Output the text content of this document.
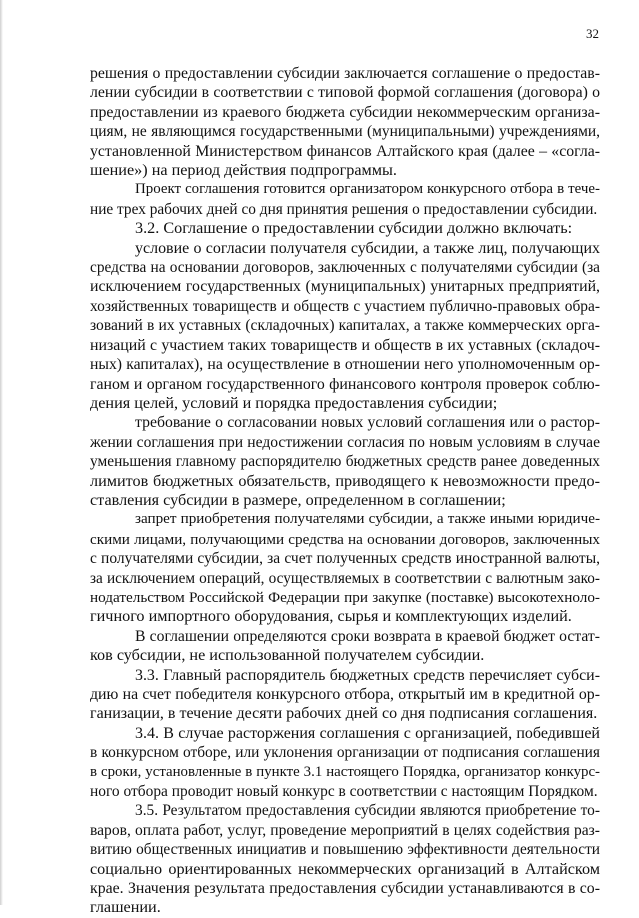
32
решения о предоставлении субсидии заключается соглашение о предостав-
лении субсидии в соответствии с типовой формой соглашения (договора) о
предоставлении из краевого бюджета субсидии некоммерческим организа-
циям, не являющимся государственными (муниципальными) учреждениями,
установленной Министерством финансов Алтайского края (далее – «согла-
шение») на период действия подпрограммы.
Проект соглашения готовится организатором конкурсного отбора в тече-
ние трех рабочих дней со дня принятия решения о предоставлении субсидии.
3.2. Соглашение о предоставлении субсидии должно включать:
условие о согласии получателя субсидии, а также лиц, получающих
средства на основании договоров, заключенных с получателями субсидии (за
исключением государственных (муниципальных) унитарных предприятий,
хозяйственных товариществ и обществ с участием публично-правовых обра-
зований в их уставных (складочных) капиталах, а также коммерческих орга-
низаций с участием таких товариществ и обществ в их уставных (складоч-
ных) капиталах), на осуществление в отношении него уполномоченным ор-
ганом и органом государственного финансового контроля проверок соблю-
дения целей, условий и порядка предоставления субсидии;
требование о согласовании новых условий соглашения или о растор-
жении соглашения при недостижении согласия по новым условиям в случае
уменьшения главному распорядителю бюджетных средств ранее доведенных
лимитов бюджетных обязательств, приводящего к невозможности предо-
ставления субсидии в размере, определенном в соглашении;
запрет приобретения получателями субсидии, а также иными юридиче-
скими лицами, получающими средства на основании договоров, заключенных
с получателями субсидии, за счет полученных средств иностранной валюты,
за исключением операций, осуществляемых в соответствии с валютным зако-
нодательством Российской Федерации при закупке (поставке) высокотехноло-
гичного импортного оборудования, сырья и комплектующих изделий.
В соглашении определяются сроки возврата в краевой бюджет остат-
ков субсидии, не использованной получателем субсидии.
3.3. Главный распорядитель бюджетных средств перечисляет субси-
дию на счет победителя конкурсного отбора, открытый им в кредитной ор-
ганизации, в течение десяти рабочих дней со дня подписания соглашения.
3.4. В случае расторжения соглашения с организацией, победившей
в конкурсном отборе, или уклонения организации от подписания соглашения
в сроки, установленные в пункте 3.1 настоящего Порядка, организатор конкурс-
ного отбора проводит новый конкурс в соответствии с настоящим Порядком.
3.5. Результатом предоставления субсидии являются приобретение то-
варов, оплата работ, услуг, проведение мероприятий в целях содействия раз-
витию общественных инициатив и повышению эффективности деятельности
социально ориентированных некоммерческих организаций в Алтайском
крае. Значения результата предоставления субсидии устанавливаются в со-
глашении.
